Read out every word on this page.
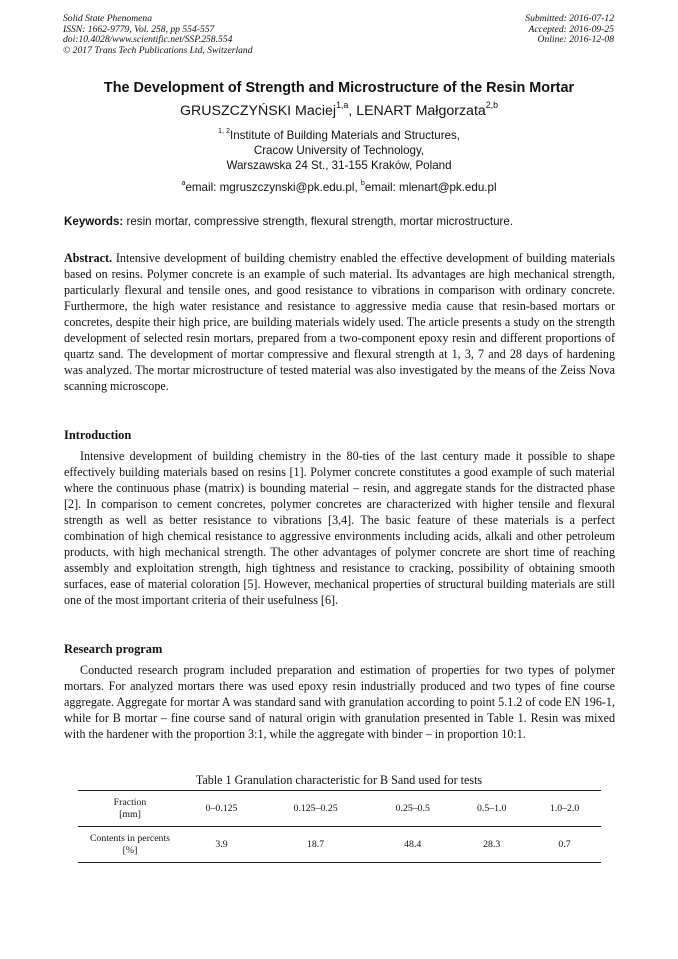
Solid State Phenomena
ISSN: 1662-9779, Vol. 258, pp 554-557
doi:10.4028/www.scientific.net/SSP.258.554
© 2017 Trans Tech Publications Ltd, Switzerland
Submitted: 2016-07-12
Accepted: 2016-09-25
Online: 2016-12-08
The Development of Strength and Microstructure of the Resin Mortar
GRUSZCZYŃSKI Maciej$^{1,a}$, LENART Małgorzata$^{2,b}$
$^{1, 2}$Institute of Building Materials and Structures,
Cracow University of Technology,
Warszawska 24 St., 31-155 Kraków, Poland
$^a$email: mgruszczynski@pk.edu.pl, $^b$email: mlenart@pk.edu.pl
Keywords: resin mortar, compressive strength, flexural strength, mortar microstructure.
Abstract. Intensive development of building chemistry enabled the effective development of building materials based on resins. Polymer concrete is an example of such material. Its advantages are high mechanical strength, particularly flexural and tensile ones, and good resistance to vibrations in comparison with ordinary concrete. Furthermore, the high water resistance and resistance to aggressive media cause that resin-based mortars or concretes, despite their high price, are building materials widely used. The article presents a study on the strength development of selected resin mortars, prepared from a two-component epoxy resin and different proportions of quartz sand. The development of mortar compressive and flexural strength at 1, 3, 7 and 28 days of hardening was analyzed. The mortar microstructure of tested material was also investigated by the means of the Zeiss Nova scanning microscope.
Introduction
Intensive development of building chemistry in the 80-ties of the last century made it possible to shape effectively building materials based on resins [1]. Polymer concrete constitutes a good example of such material where the continuous phase (matrix) is bounding material – resin, and aggregate stands for the distracted phase [2]. In comparison to cement concretes, polymer concretes are characterized with higher tensile and flexural strength as well as better resistance to vibrations [3,4]. The basic feature of these materials is a perfect combination of high chemical resistance to aggressive environments including acids, alkali and other petroleum products, with high mechanical strength. The other advantages of polymer concrete are short time of reaching assembly and exploitation strength, high tightness and resistance to cracking, possibility of obtaining smooth surfaces, ease of material coloration [5]. However, mechanical properties of structural building materials are still one of the most important criteria of their usefulness [6].
Research program
Conducted research program included preparation and estimation of properties for two types of polymer mortars. For analyzed mortars there was used epoxy resin industrially produced and two types of fine course aggregate. Aggregate for mortar A was standard sand with granulation according to point 5.1.2 of code EN 196-1, while for B mortar – fine course sand of natural origin with granulation presented in Table 1. Resin was mixed with the hardener with the proportion 3:1, while the aggregate with binder – in proportion 10:1.
Table 1 Granulation characteristic for B Sand used for tests
Fraction
[mm]	0–0.125	0.125–0.25	0.25–0.5	0.5–1.0	1.0–2.0

Contents in percents
[%]	3.9	18.7	48.4	28.3	0.7
